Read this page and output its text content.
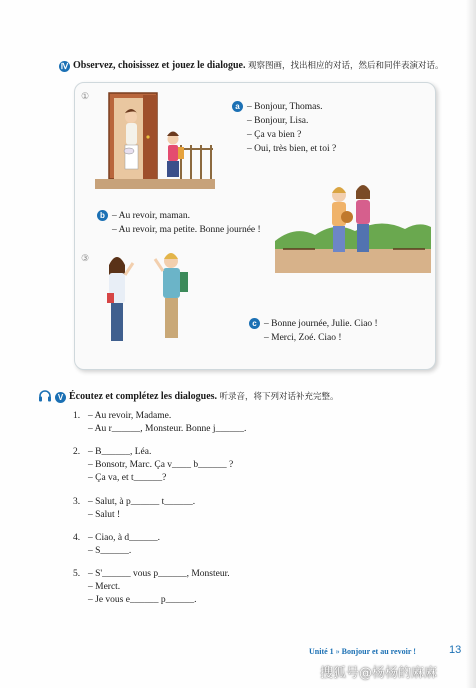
Ⅳ Observez, choisissez et jouez le dialogue. 观察图画，找出相应的对话，然后和同伴表演对话。
①
a – Bonjour, Thomas.
– Bonjour, Lisa.
– Ça va bien ?
– Oui, très bien, et toi ?
b – Au revoir, maman.
– Au revoir, ma petite. Bonne journée !
③
c – Bonne journée, Julie. Ciao !
– Merci, Zoé. Ciao !
V Écoutez et complétez les dialogues. 听录音，将下列对话补充完整。
1. – Au revoir, Madame.
– Au r______, Monsteur. Bonne j______.
2. – B______, Léa.
– Bonsotr, Marc. Ça v____ b______ ?
– Ça va, et t______?
3. – Salut, à p______ t______.
– Salut !
4. – Ciao, à d______.
– S______.
5. – S'______ vous p______, Monsteur.
– Merct.
– Je vous e______ p______.
Unité 1 » Bonjour et au revoir !	13
搜狐号@杨杨的麻麻
